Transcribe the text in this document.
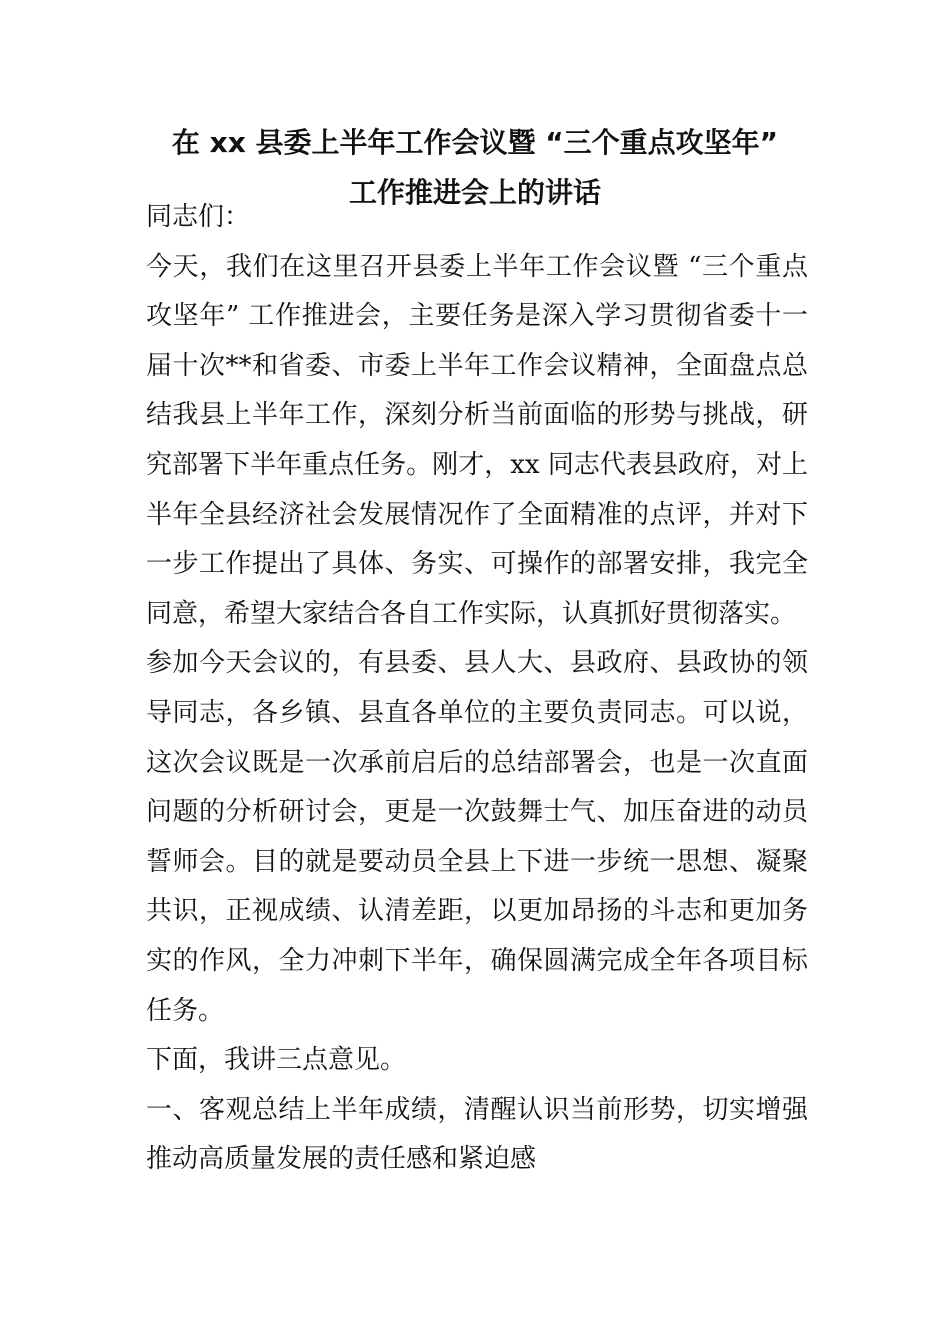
在 xx 县委上半年工作会议暨 “三个重点攻坚年”
工作推进会上的讲话

同志们：

今天，我们在这里召开县委上半年工作会议暨 “三个重点攻坚年” 工作推进会，主要任务是深入学习贯彻省委十一届十次**和省委、市委上半年工作会议精神，全面盘点总结我县上半年工作，深刻分析当前面临的形势与挑战，研究部署下半年重点任务。刚才，xx 同志代表县政府，对上半年全县经济社会发展情况作了全面精准的点评，并对下一步工作提出了具体、务实、可操作的部署安排，我完全同意，希望大家结合各自工作实际，认真抓好贯彻落实。

参加今天会议的，有县委、县人大、县政府、县政协的领导同志，各乡镇、县直各单位的主要负责同志。可以说，这次会议既是一次承前启后的总结部署会，也是一次直面问题的分析研讨会，更是一次鼓舞士气、加压奋进的动员誓师会。目的就是要动员全县上下进一步统一思想、凝聚共识，正视成绩、认清差距，以更加昂扬的斗志和更加务实的作风，全力冲刺下半年，确保圆满完成全年各项目标任务。

下面，我讲三点意见。

一、客观总结上半年成绩，清醒认识当前形势，切实增强推动高质量发展的责任感和紧迫感
